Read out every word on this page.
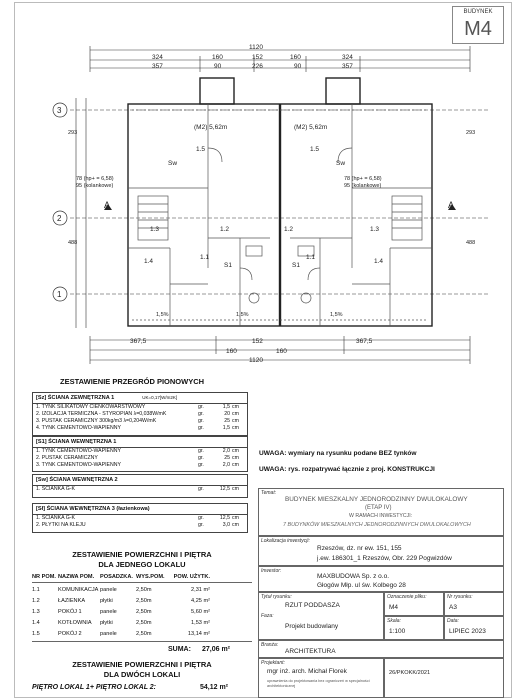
BUDYNEK
M4
1120
324	160	152	160	324
357	90	226	90	357
3
2
1
A	A
(M2) 5,62m	(M2) 5,62m
1.5	1.5
Sw	Sw
1.3	1.3
1.2	1.2
1.1	1.1
1.4	1.4
S1	S1
78 (hp+ = 6,58)
95 (kolankowe)
78 (hp+ = 6,58)
95 (kolankowe)
1,5%	1,5%	1,5%
293
488	488
293
367,5	152	367,5
160	160
1120
ZESTAWIENIE PRZEGRÓD PIONOWYCH
[Sz] ŚCIANA ZEWNĘTRZNA 1	UK=0,17[W/m2K]
1. TYNK SILIKATOWY CIENKOWARSTWOWY	gr.	1,5 cm
2. IZOLACJA TERMICZNA - STYROPIAN λ=0,038W/mK	gr.	20 cm
3. PUSTAK CERAMICZNY 300kg/m3 λ=0,204W/mK	gr.	25 cm
4. TYNK CEMENTOWO-WAPIENNY	gr.	1,5 cm
[S1] ŚCIANA WEWNĘTRZNA 1
1. TYNK CEMENTOWO-WAPIENNY	gr.	2,0 cm
2. PUSTAK CERAMICZNY	gr.	25 cm
3. TYNK CEMENTOWO-WAPIENNY	gr.	2,0 cm
[Sw] ŚCIANA WEWNĘTRZNA 2
1. ŚCIANKA G-K	gr.	12,5 cm
[Sł] ŚCIANA WEWNĘTRZNA 3 (łazienkowa)
1. ŚCIANKA G-K	gr.	12,5 cm
2. PŁYTKI NA KLEJU	gr.	3,0 cm
UWAGA: wymiary na rysunku podane BEZ tynków
UWAGA: rys. rozpatrywać łącznie z proj. KONSTRUKCJI
ZESTAWIENIE POWIERZCHNI I PIĘTRA
DLA JEDNEGO LOKALU
NR POM. NAZWA POM.	POSADZKA. WYS.POM.	POW. UŻYTK.
1.1	KOMUNIKACJA panele	2,50m	2,31 m²
1.2	ŁAZIENKA	płytki	2,50m	4,25 m²
1.3	POKÓJ 1	panele	2,50m	5,60 m²
1.4	KOTŁOWNIA	płytki	2,50m	1,53 m²
1.5	POKÓJ 2	panele	2,50m	13,14 m²
SUMA: 27,06 m²
ZESTAWIENIE POWIERZCHNI I PIĘTRA
DLA DWÓCH LOKALI
PIĘTRO LOKAL 1+ PIĘTRO LOKAL 2:	54,12 m²
Temat:
BUDYNEK MIESZKALNY JEDNORODZINNY DWULOKALOWY
(ETAP IV)
W RAMACH INWESTYCJI:
7 BUDYNKÓW MIESZKALNYCH JEDNORODZINNYCH DWULOKALOWYCH
Lokalizacja inwestycji:
Rzeszów, dz. nr ew. 151, 155
j.ew. 186301_1 Rzeszów, Obr. 229 Pogwizdów
Inwestor:
MAXBUDOWA Sp. z o.o.
Głogów Młp. ul św. Kolbego 28
Tytuł rysunku:
RZUT PODDASZA
Faza:
Projekt budowlany
Oznaczenie pliku:
M4
Nr rysunku:
A3
Skala:
1:100
Data:
LIPIEC 2023
Branża:
ARCHITEKTURA
Projektant:
mgr inż. arch. Michał Florek
uprawnienia do projektowania bez ograniczeń w specjalności architektonicznej
26/PKOKK/2021
